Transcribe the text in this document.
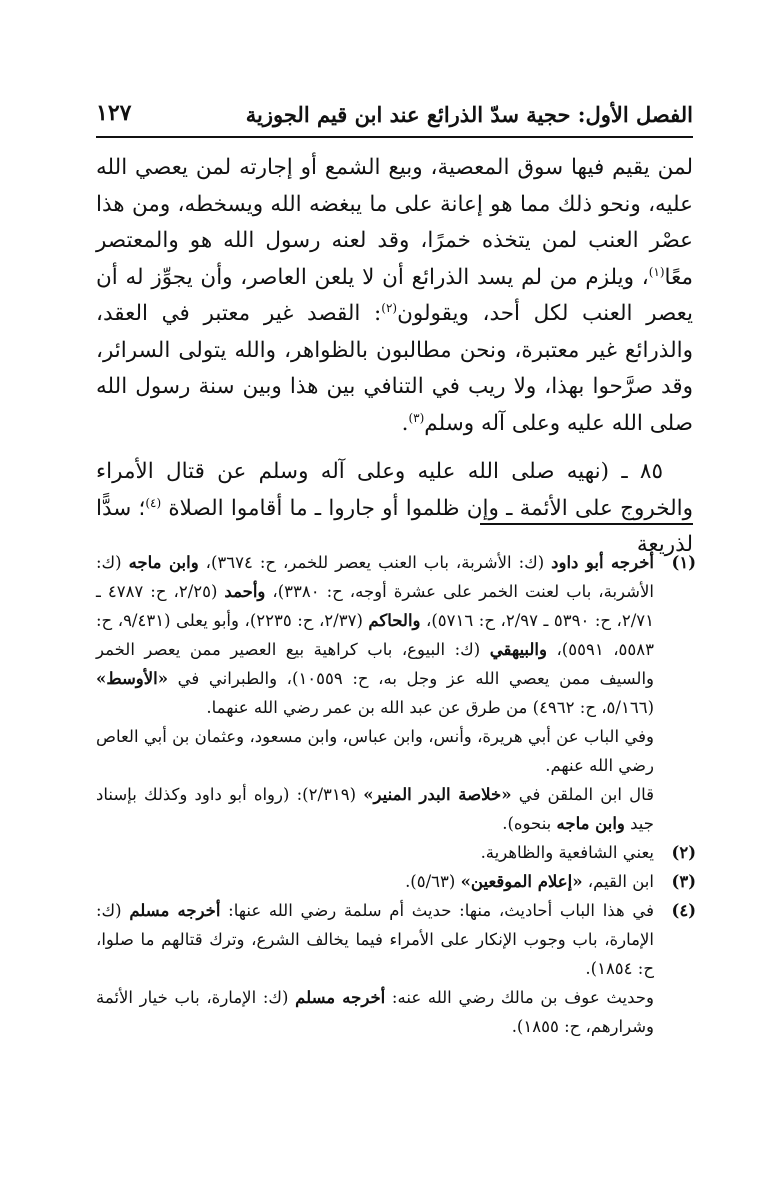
الفصل الأول: حجية سدّ الذرائع عند ابن قيم الجوزية
١٢٧

لمن يقيم فيها سوق المعصية، وبيع الشمع أو إجارته لمن يعصي الله عليه، ونحو ذلك مما هو إعانة على ما يبغضه الله ويسخطه، ومن هذا عصْر العنب لمن يتخذه خمرًا، وقد لعنه رسول الله هو والمعتصر معًا$^{(١)}$، ويلزم من لم يسد الذرائع أن لا يلعن العاصر، وأن يجوِّز له أن يعصر العنب لكل أحد، ويقولون$^{(٢)}$: القصد غير معتبر في العقد، والذرائع غير معتبرة، ونحن مطالبون بالظواهر، والله يتولى السرائر، وقد صرَّحوا بهذا، ولا ريب في التنافي بين هذا وبين سنة رسول الله صلى الله عليه وعلى آله وسلم$^{(٣)}$.

٨٥ ـ (نهيه صلى الله عليه وعلى آله وسلم عن قتال الأمراء والخروج على الأئمة ـ وإن ظلموا أو جاروا ـ ما أقاموا الصلاة $^{(٤)}$؛ سدًّا لذريعة

(١)

أخرجه أبو داود (ك: الأشربة، باب العنب يعصر للخمر، ح: ٣٦٧٤)، وابن ماجه (ك: الأشربة، باب لعنت الخمر على عشرة أوجه، ح: ٣٣٨٠)، وأحمد (٢/٢٥، ح: ٤٧٨٧ ـ ٢/٧١، ح: ٥٣٩٠ ـ ٢/٩٧، ح: ٥٧١٦)، والحاكم (٢/٣٧، ح: ٢٢٣٥)، وأبو يعلى (٩/٤٣١، ح: ٥٥٨٣، ٥٥٩١)، والبيهقي (ك: البيوع، باب كراهية بيع العصير ممن يعصر الخمر والسيف ممن يعصي الله عز وجل به، ح: ١٠٥٥٩)، والطبراني في «الأوسط» (٥/١٦٦، ح: ٤٩٦٢) من طرق عن عبد الله بن عمر رضي الله عنهما.

وفي الباب عن أبي هريرة، وأنس، وابن عباس، وابن مسعود، وعثمان بن أبي العاص رضي الله عنهم.

قال ابن الملقن في «خلاصة البدر المنير» (٢/٣١٩): (رواه أبو داود وكذلك بإسناد جيد وابن ماجه بنحوه).

(٢)

يعني الشافعية والظاهرية.

(٣)

ابن القيم، «إعلام الموقعين» (٥/٦٣).

(٤)

في هذا الباب أحاديث، منها: حديث أم سلمة رضي الله عنها: أخرجه مسلم (ك: الإمارة، باب وجوب الإنكار على الأمراء فيما يخالف الشرع، وترك قتالهم ما صلوا، ح: ١٨٥٤).

وحديث عوف بن مالك رضي الله عنه: أخرجه مسلم (ك: الإمارة، باب خيار الأئمة وشرارهم، ح: ١٨٥٥).
